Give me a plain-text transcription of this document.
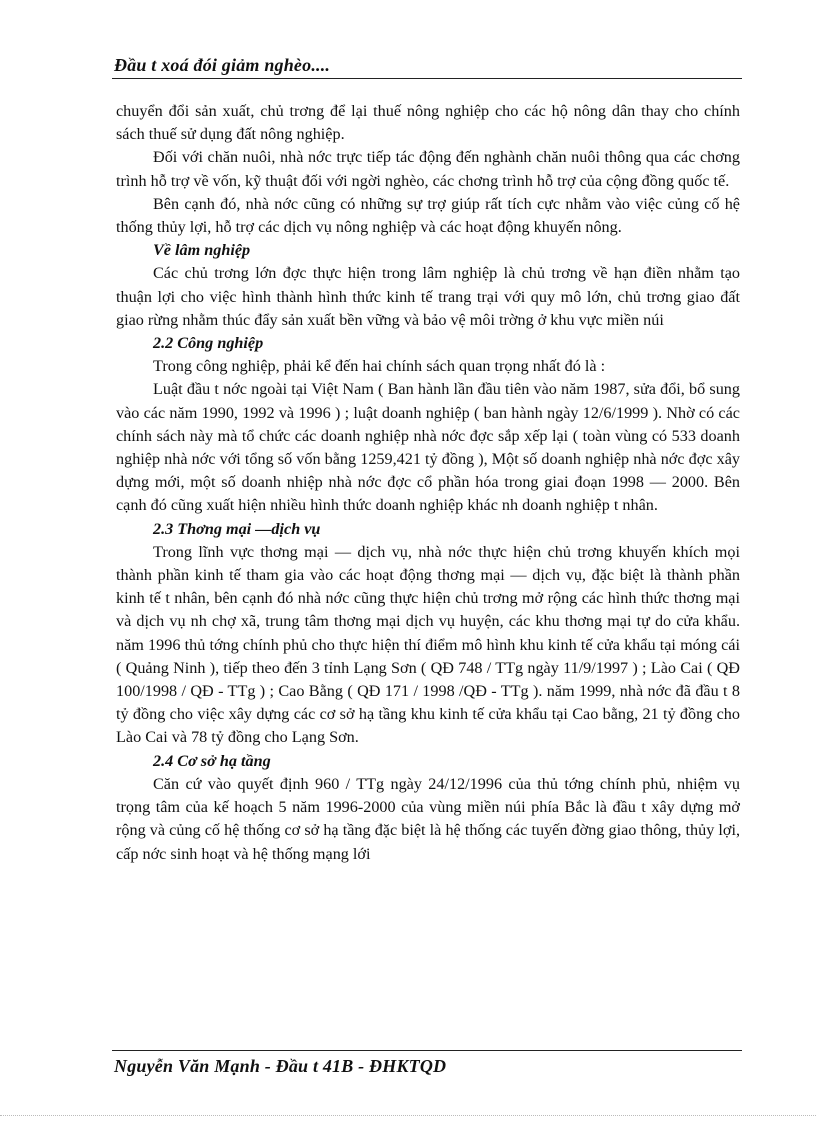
Đầu t xoá đói giảm nghèo....

chuyển đổi sản xuất, chủ trơng để lại thuế nông nghiệp cho các hộ nông dân thay cho chính sách thuế sử dụng đất nông nghiệp.

Đối với chăn nuôi, nhà nớc trực tiếp tác động đến nghành chăn nuôi thông qua các chơng trình hỗ trợ về vốn, kỹ thuật đối với ngời nghèo, các chơng trình hỗ trợ của cộng đồng quốc tế.

Bên cạnh đó, nhà nớc cũng có những sự trợ giúp rất tích cực nhằm vào việc củng cố hệ thống thủy lợi, hỗ trợ các dịch vụ nông nghiệp và các hoạt động khuyến nông.

Về lâm nghiệp

Các chủ trơng lớn đợc thực hiện trong lâm nghiệp là chủ trơng về hạn điền nhằm tạo thuận lợi cho việc hình thành hình thức kinh tế trang trại với quy mô lớn, chủ trơng giao đất giao rừng nhằm thúc đẩy sản xuất bền vững và bảo vệ môi trờng ở khu vực miền núi

2.2 Công nghiệp

Trong công nghiệp, phải kể đến hai chính sách quan trọng nhất đó là :

Luật đầu t nớc ngoài tại Việt Nam ( Ban hành lần đầu tiên vào năm 1987, sửa đổi, bổ sung vào các năm 1990, 1992 và 1996 ) ; luật doanh nghiệp ( ban hành ngày 12/6/1999 ). Nhờ có các chính sách này mà tổ chức các doanh nghiệp nhà nớc đợc sắp xếp lại ( toàn vùng có 533 doanh nghiệp nhà nớc với tổng số vốn bằng 1259,421 tỷ đồng ), Một số doanh nghiệp nhà nớc đợc xây dựng mới, một số doanh nhiệp nhà nớc đợc cổ phần hóa trong giai đoạn 1998 — 2000. Bên cạnh đó cũng xuất hiện nhiều hình thức doanh nghiệp khác nh doanh nghiệp t nhân.

2.3 Thơng mại —dịch vụ

Trong lĩnh vực thơng mại — dịch vụ, nhà nớc thực hiện chủ trơng khuyến khích mọi thành phần kinh tế tham gia vào các hoạt động thơng mại — dịch vụ, đặc biệt là thành phần kinh tế t nhân, bên cạnh đó nhà nớc cũng thực hiện chủ trơng mở rộng các hình thức thơng mại và dịch vụ nh chợ xã, trung tâm thơng mại dịch vụ huyện, các khu thơng mại tự do cửa khẩu. năm 1996 thủ tớng chính phủ cho thực hiện thí điểm mô hình khu kinh tế cửa khẩu tại móng cái ( Quảng Ninh ), tiếp theo đến 3 tỉnh Lạng Sơn ( QĐ 748 / TTg ngày 11/9/1997 ) ; Lào Cai ( QĐ 100/1998 / QĐ - TTg ) ; Cao Bằng ( QĐ 171 / 1998 /QĐ - TTg ). năm 1999, nhà nớc đã đầu t 8 tỷ đồng cho việc xây dựng các cơ sở hạ tầng khu kinh tế cửa khẩu tại Cao bằng, 21 tỷ đồng cho Lào Cai và 78 tỷ đồng cho Lạng Sơn.

2.4 Cơ sở hạ tầng

Căn cứ vào quyết định 960 / TTg ngày 24/12/1996 của thủ tớng chính phủ, nhiệm vụ trọng tâm của kế hoạch 5 năm 1996-2000 của vùng miền núi phía Bắc là đầu t xây dựng mở rộng và củng cố hệ thống cơ sở hạ tầng đặc biệt là hệ thống các tuyến đờng giao thông, thủy lợi, cấp nớc sinh hoạt và hệ thống mạng lới

Nguyễn Văn Mạnh - Đầu t 41B - ĐHKTQD
